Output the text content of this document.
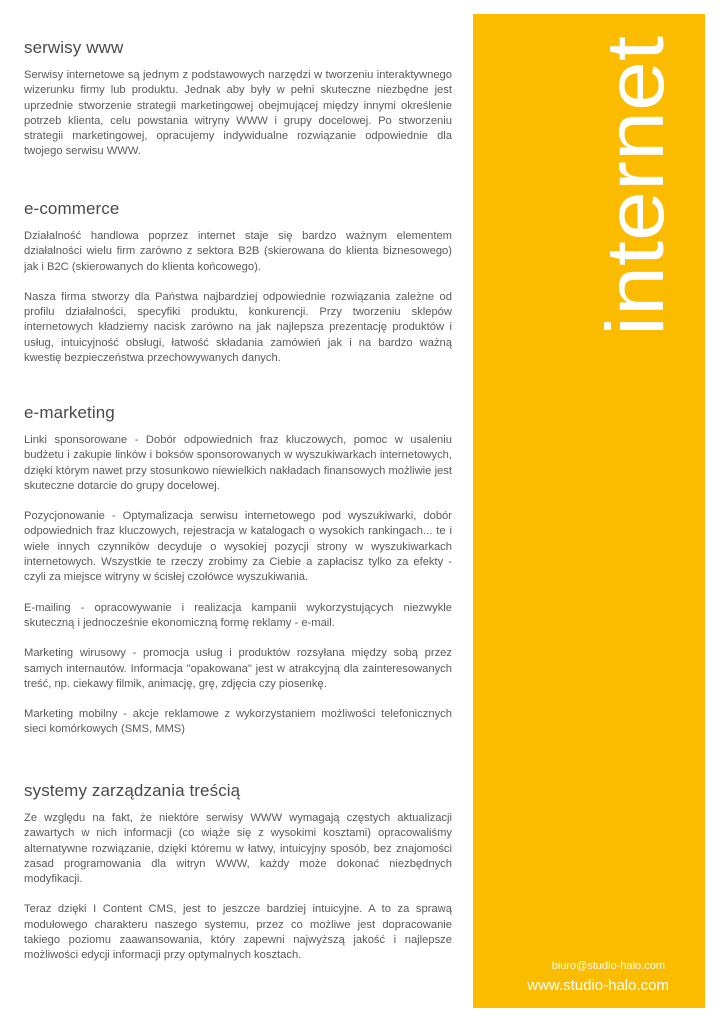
serwisy www

Serwisy internetowe są jednym z podstawowych narzędzi w tworzeniu interaktywnego wizerunku firmy lub produktu. Jednak aby były w pełni skuteczne niezbędne jest uprzednie stworzenie strategii marketingowej obejmującej między innymi określenie potrzeb klienta, celu powstania witryny WWW i grupy docelowej. Po stworzeniu strategii marketingowej, opracujemy indywidualne rozwiązanie odpowiednie dla twojego serwisu WWW.

e-commerce

Działalność handlowa poprzez internet staje się bardzo ważnym elementem działalności wielu firm zarówno z sektora B2B (skierowana do klienta biznesowego) jak i B2C (skierowanych do klienta końcowego).

Nasza firma stworzy dla Państwa najbardziej odpowiednie rozwiązania zależne od profilu działalności, specyfiki produktu, konkurencji. Przy tworzeniu sklepów internetowych kładziemy nacisk zarówno na jak najlepsza prezentację produktów i usług, intuicyjność obsługi, łatwość składania zamówień jak i na bardzo ważną kwestię bezpieczeństwa przechowywanych danych.

e-marketing

Linki sponsorowane - Dobór odpowiednich fraz kluczowych, pomoc w usaleniu budżetu i zakupie linków i boksów sponsorowanych w wyszukiwarkach internetowych, dzięki którym nawet przy stosunkowo niewielkich nakładach finansowych możliwie jest skuteczne dotarcie do grupy docelowej.

Pozycjonowanie - Optymalizacja serwisu internetowego pod wyszukiwarki, dobór odpowiednich fraz kluczowych, rejestracja w katalogach o wysokich rankingach... te i wiele innych czynników decyduje o wysokiej pozycji strony w wyszukiwarkach internetowych. Wszystkie te rzeczy zrobimy za Ciebie a zapłacisz tylko za efekty - czyli za miejsce witryny w ścisłej czołówce wyszukiwania.

E-mailing - opracowywanie i realizacja kampanii wykorzystujących niezwykle skuteczną i jednocześnie ekonomiczną formę reklamy - e-mail.

Marketing wirusowy - promocja usług i produktów rozsyłana między sobą przez samych internautów. Informacja "opakowana" jest w atrakcyjną dla zainteresowanych treść, np. ciekawy filmik, animację, grę, zdjęcia czy piosenkę.

Marketing mobilny - akcje reklamowe z wykorzystaniem możliwości telefonicznych sieci komórkowych (SMS, MMS)

systemy zarządzania treścią

Ze względu na fakt, że niektóre serwisy WWW wymagają częstych aktualizacji zawartych w nich informacji (co wiąże się z wysokimi kosztami) opracowaliśmy alternatywne rozwiązanie, dzięki któremu w łatwy, intuicyjny sposób, bez znajomości zasad programowania dla witryn WWW, każdy może dokonać niezbędnych modyfikacji.

Teraz dzięki I Content CMS, jest to jeszcze bardziej intuicyjne. A to za sprawą modułowego charakteru naszego systemu, przez co możliwe jest dopracowanie takiego poziomu zaawansowania, który zapewni najwyższą jakość i najlepsze możliwości edycji informacji przy optymalnych kosztach.

internet
biuro@studio-halo.com
www.studio-halo.com
